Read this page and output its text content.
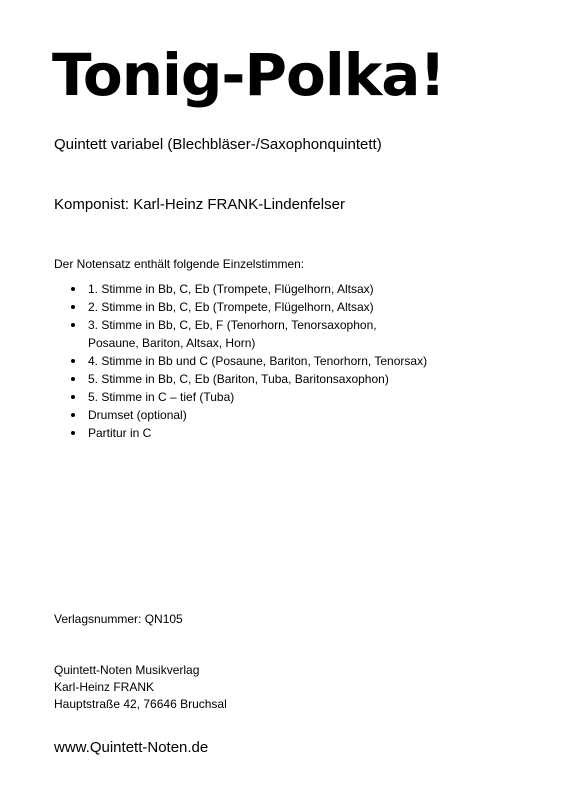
Tonig-Polka!
Quintett variabel (Blechbläser-/Saxophonquintett)
Komponist: Karl-Heinz FRANK-Lindenfelser
Der Notensatz enthält folgende Einzelstimmen:
1. Stimme in Bb, C, Eb (Trompete, Flügelhorn, Altsax)
2. Stimme in Bb, C, Eb (Trompete, Flügelhorn, Altsax)
3. Stimme in Bb, C, Eb, F (Tenorhorn, Tenorsaxophon,
Posaune, Bariton, Altsax, Horn)
4. Stimme in Bb und C (Posaune, Bariton, Tenorhorn, Tenorsax)
5. Stimme in Bb, C, Eb (Bariton, Tuba, Baritonsaxophon)
5. Stimme in C – tief (Tuba)
Drumset (optional)
Partitur in C
Verlagsnummer: QN105
Quintett-Noten Musikverlag
Karl-Heinz FRANK
Hauptstraße 42, 76646 Bruchsal
www.Quintett-Noten.de
